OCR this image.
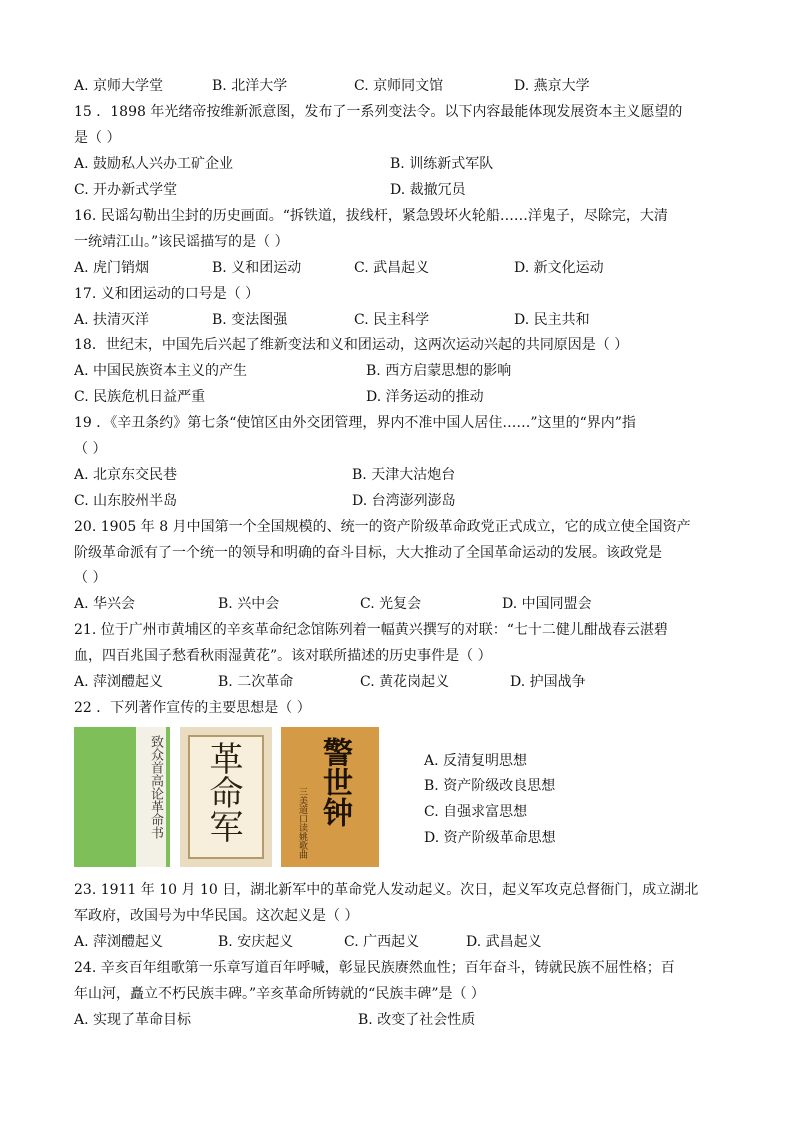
A. 京师大学堂	B. 北洋大学	C. 京师同文馆	D. 燕京大学
15 ．1898 年光绪帝按维新派意图，发布了一系列变法令。以下内容最能体现发展资本主义愿望的
是（ ）
A. 鼓励私人兴办工矿企业	B. 训练新式军队
C. 开办新式学堂	D. 裁撤冗员
16. 民谣勾勒出尘封的历史画面。“拆铁道，拔线杆，紧急毁坏火轮船……洋鬼子，尽除完，大清
一统靖江山。”该民谣描写的是（ ）
A. 虎门销烟	B. 义和团运动	C. 武昌起义	D. 新文化运动
17. 义和团运动的口号是（ ）
A. 扶清灭洋	B. 变法图强	C. 民主科学	D. 民主共和
18．世纪末，中国先后兴起了维新变法和义和团运动，这两次运动兴起的共同原因是（ ）
A. 中国民族资本主义的产生	B. 西方启蒙思想的影响
C. 民族危机日益严重	D. 洋务运动的推动
19 ．《辛丑条约》第七条“使馆区由外交团管理，界内不准中国人居住……”这里的“界内”指
（ ）
A. 北京东交民巷	B. 天津大沽炮台
C. 山东胶州半岛	D. 台湾澎列澎岛
20. 1905 年 8 月中国第一个全国规模的、统一的资产阶级革命政党正式成立，它的成立使全国资产
阶级革命派有了一个统一的领导和明确的奋斗目标，大大推动了全国革命运动的发展。该政党是
（ ）
A. 华兴会	B. 兴中会	C. 光复会	D. 中国同盟会
21. 位于广州市黄埔区的辛亥革命纪念馆陈列着一幅黄兴撰写的对联：“七十二健儿酣战春云湛碧
血，四百兆国子愁看秋雨湿黄花”。该对联所描述的历史事件是（ ）
A. 萍浏醴起义	B. 二次革命	C. 黄花岗起义	D. 护国战争
22 ．下列著作宣传的主要思想是（ ）
致众首高论革命书 革命军	三美道口读姚歌曲 警世钟	A. 反清复明思想
B. 资产阶级改良思想
C. 自强求富思想
D. 资产阶级革命思想
23. 1911 年 10 月 10 日，湖北新军中的革命党人发动起义。次日，起义军攻克总督衙门，成立湖北
军政府，改国号为中华民国。这次起义是（ ）
A. 萍浏醴起义	B. 安庆起义	C. 广西起义	D. 武昌起义
24. 辛亥百年组歌第一乐章写道百年呼喊，彰显民族赓然血性；百年奋斗，铸就民族不屈性格；百
年山河，矗立不朽民族丰碑。”辛亥革命所铸就的“民族丰碑”是（ ）
A. 实现了革命目标	B. 改变了社会性质
